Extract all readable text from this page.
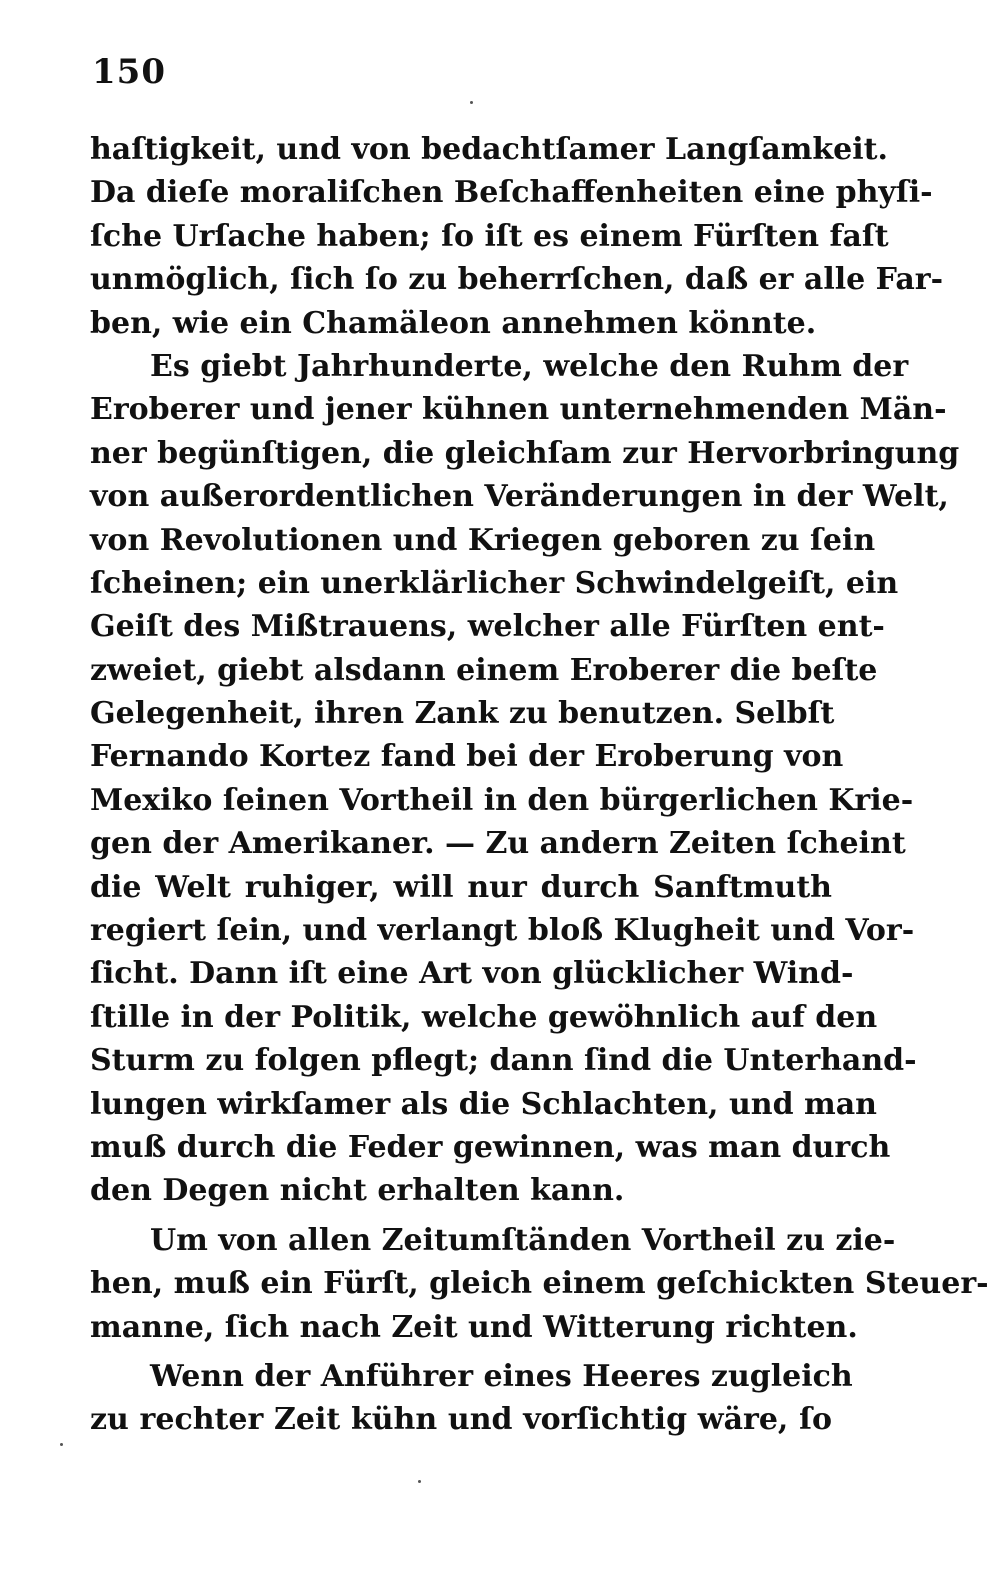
150
haſtigkeit, und von bedachtſamer Langſamkeit.
Da dieſe moraliſchen Beſchaffenheiten eine phyſi-
ſche Urſache haben; ſo iſt es einem Fürſten faſt
unmöglich, ſich ſo zu beherrſchen, daß er alle Far-
ben, wie ein Chamäleon annehmen könnte.
Es giebt Jahrhunderte, welche den Ruhm der
Eroberer und jener kühnen unternehmenden Män-
ner begünſtigen, die gleichſam zur Hervorbringung
von außerordentlichen Veränderungen in der Welt,
von Revolutionen und Kriegen geboren zu ſein
ſcheinen; ein unerklärlicher Schwindelgeiſt, ein
Geiſt des Mißtrauens, welcher alle Fürſten ent-
zweiet, giebt alsdann einem Eroberer die beſte
Gelegenheit, ihren Zank zu benutzen. Selbſt
Fernando Kortez fand bei der Eroberung von
Mexiko ſeinen Vortheil in den bürgerlichen Krie-
gen der Amerikaner. — Zu andern Zeiten ſcheint
die Welt ruhiger, will nur durch Sanftmuth
regiert ſein, und verlangt bloß Klugheit und Vor-
ſicht. Dann iſt eine Art von glücklicher Wind-
ſtille in der Politik, welche gewöhnlich auf den
Sturm zu folgen pflegt; dann ſind die Unterhand-
lungen wirkſamer als die Schlachten, und man
muß durch die Feder gewinnen, was man durch
den Degen nicht erhalten kann.
Um von allen Zeitumſtänden Vortheil zu zie-
hen, muß ein Fürſt, gleich einem geſchickten Steuer-
manne, ſich nach Zeit und Witterung richten.
Wenn der Anführer eines Heeres zugleich
zu rechter Zeit kühn und vorſichtig wäre, ſo
